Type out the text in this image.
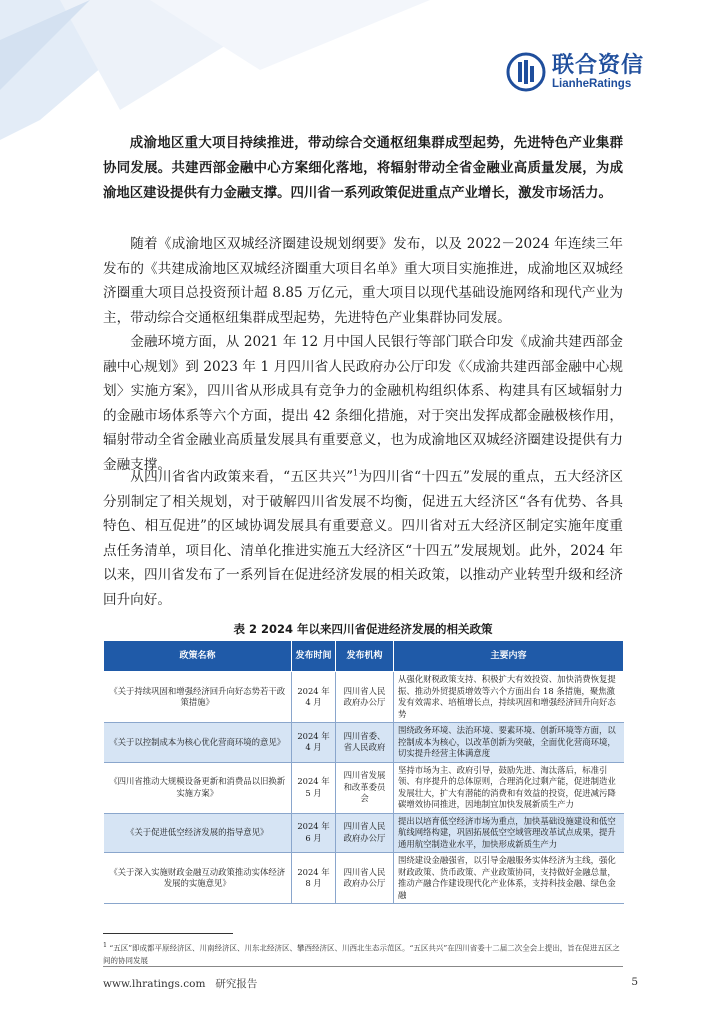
联合资信
LianheRatings

成渝地区重大项目持续推进，带动综合交通枢纽集群成型起势，先进特色产业集群协同发展。共建西部金融中心方案细化落地，将辐射带动全省金融业高质量发展，为成渝地区建设提供有力金融支撑。四川省一系列政策促进重点产业增长，激发市场活力。

随着《成渝地区双城经济圈建设规划纲要》发布，以及 2022－2024 年连续三年发布的《共建成渝地区双城经济圈重大项目名单》重大项目实施推进，成渝地区双城经济圈重大项目总投资预计超 8.85 万亿元，重大项目以现代基础设施网络和现代产业为主，带动综合交通枢纽集群成型起势，先进特色产业集群协同发展。

金融环境方面，从 2021 年 12 月中国人民银行等部门联合印发《成渝共建西部金融中心规划》到 2023 年 1 月四川省人民政府办公厅印发《〈成渝共建西部金融中心规划〉实施方案》，四川省从形成具有竞争力的金融机构组织体系、构建具有区域辐射力的金融市场体系等六个方面，提出 42 条细化措施，对于突出发挥成都金融极核作用，辐射带动全省金融业高质量发展具有重要意义，也为成渝地区双城经济圈建设提供有力金融支撑。

从四川省省内政策来看，“五区共兴”$^1$为四川省“十四五”发展的重点，五大经济区分别制定了相关规划，对于破解四川省发展不均衡，促进五大经济区“各有优势、各具特色、相互促进”的区域协调发展具有重要意义。四川省对五大经济区制定实施年度重点任务清单，项目化、清单化推进实施五大经济区“十四五”发展规划。此外，2024 年以来，四川省发布了一系列旨在促进经济发展的相关政策，以推动产业转型升级和经济回升向好。

表 2 2024 年以来四川省促进经济发展的相关政策
政策名称	发布时间	发布机构	主要内容
《关于持续巩固和增强经济回升向好态势若干政策措施》	2024 年 4 月	四川省人民政府办公厅	从强化财税政策支持、积极扩大有效投资、加快消费恢复提振、推动外贸提质增效等六个方面出台 18 条措施，聚焦激发有效需求、培植增长点，持续巩固和增强经济回升向好态势
《关于以控制成本为核心优化营商环境的意见》	2024 年 4 月	四川省委、省人民政府	围绕政务环境、法治环境、要素环境、创新环境等方面，以控制成本为核心，以改革创新为突破，全面优化营商环境，切实提升经营主体满意度
《四川省推动大规模设备更新和消费品以旧换新实施方案》	2024 年 5 月	四川省发展和改革委员会	坚持市场为主、政府引导，鼓励先进、淘汰落后，标准引领、有序提升的总体原则，合理消化过剩产能，促进制造业发展壮大，扩大有潜能的消费和有效益的投资，促进减污降碳增效协同推进，因地制宜加快发展新质生产力
《关于促进低空经济发展的指导意见》	2024 年 6 月	四川省人民政府办公厅	提出以培育低空经济市场为重点，加快基础设施建设和低空航线网络构建，巩固拓展低空空域管理改革试点成果，提升通用航空制造业水平，加快形成新质生产力
《关于深入实施财政金融互动政策推动实体经济发展的实施意见》	2024 年 8 月	四川省人民政府办公厅	围绕建设金融强省，以引导金融服务实体经济为主线，强化财政政策、货币政策、产业政策协同，支持做好金融总量，推动产融合作建设现代化产业体系，支持科技金融、绿色金融
$^1$ “五区”即成都平原经济区、川南经济区、川东北经济区、攀西经济区、川西北生态示范区。“五区共兴”在四川省委十二届二次全会上提出，旨在促进五区之间的协同发展
www.lhratings.com 研究报告	5
